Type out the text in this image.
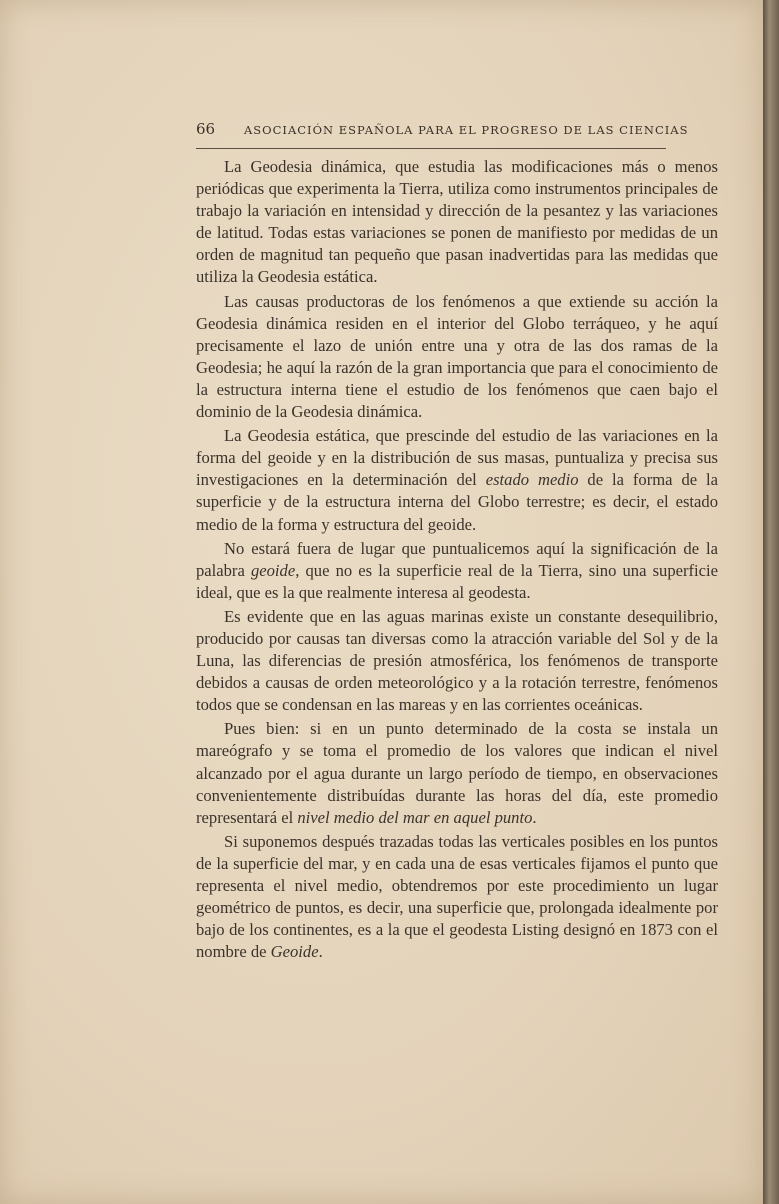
66	ASOCIACIÓN ESPAÑOLA PARA EL PROGRESO DE LAS CIENCIAS

La Geodesia dinámica, que estudia las modificaciones más o menos periódicas que experimenta la Tierra, utiliza como instrumentos principales de trabajo la variación en intensidad y dirección de la pesantez y las variaciones de latitud. Todas estas variaciones se ponen de manifiesto por medidas de un orden de magnitud tan pequeño que pasan inadvertidas para las medidas que utiliza la Geodesia estática.

Las causas productoras de los fenómenos a que extiende su acción la Geodesia dinámica residen en el interior del Globo terráqueo, y he aquí precisamente el lazo de unión entre una y otra de las dos ramas de la Geodesia; he aquí la razón de la gran importancia que para el conocimiento de la estructura interna tiene el estudio de los fenómenos que caen bajo el dominio de la Geodesia dinámica.

La Geodesia estática, que prescinde del estudio de las variaciones en la forma del geoide y en la distribución de sus masas, puntualiza y precisa sus investigaciones en la determinación del estado medio de la forma de la superficie y de la estructura interna del Globo terrestre; es decir, el estado medio de la forma y estructura del geoide.

No estará fuera de lugar que puntualicemos aquí la significación de la palabra geoide, que no es la superficie real de la Tierra, sino una superficie ideal, que es la que realmente interesa al geodesta.

Es evidente que en las aguas marinas existe un constante desequilibrio, producido por causas tan diversas como la atracción variable del Sol y de la Luna, las diferencias de presión atmosférica, los fenómenos de transporte debidos a causas de orden meteorológico y a la rotación terrestre, fenómenos todos que se condensan en las mareas y en las corrientes oceánicas.

Pues bien: si en un punto determinado de la costa se instala un mareógrafo y se toma el promedio de los valores que indican el nivel alcanzado por el agua durante un largo período de tiempo, en observaciones convenientemente distribuídas durante las horas del día, este promedio representará el nivel medio del mar en aquel punto.

Si suponemos después trazadas todas las verticales posibles en los puntos de la superficie del mar, y en cada una de esas verticales fijamos el punto que representa el nivel medio, obtendremos por este procedimiento un lugar geométrico de puntos, es decir, una superficie que, prolongada idealmente por bajo de los continentes, es a la que el geodesta Listing designó en 1873 con el nombre de Geoide.
